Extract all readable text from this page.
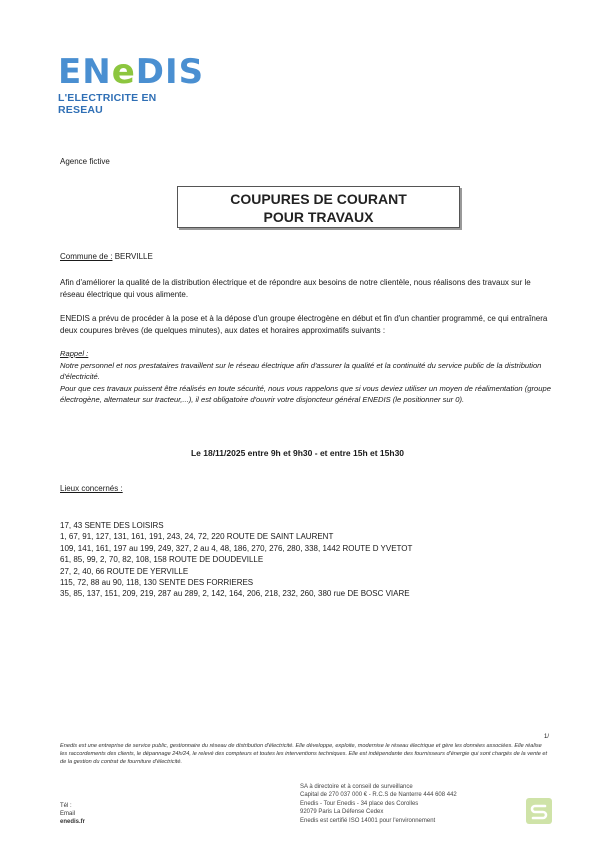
ENeDIS
L'ELECTRICITE EN RESEAU
Agence fictive
COUPURES DE COURANT
POUR TRAVAUX
Commune de : BERVILLE
Afin d'améliorer la qualité de la distribution électrique et de répondre aux besoins de notre clientèle, nous réalisons des travaux sur le réseau électrique qui vous alimente.
ENEDIS a prévu de procéder à la pose et à la dépose d'un groupe électrogène en début et fin d'un chantier programmé, ce qui entraînera deux coupures brèves (de quelques minutes), aux dates et horaires approximatifs suivants :
Rappel :
Notre personnel et nos prestataires travaillent sur le réseau électrique afin d'assurer la qualité et la continuité du service public de la distribution d'électricité.
Pour que ces travaux puissent être réalisés en toute sécurité, nous vous rappelons que si vous deviez utiliser un moyen de réalimentation (groupe électrogène, alternateur sur tracteur,...), il est obligatoire d'ouvrir votre disjoncteur général ENEDIS (le positionner sur 0).
Le 18/11/2025 entre 9h et 9h30 - et entre 15h et 15h30
Lieux concernés :
17, 43 SENTE DES LOISIRS
1, 67, 91, 127, 131, 161, 191, 243, 24, 72, 220 ROUTE DE SAINT LAURENT
109, 141, 161, 197 au 199, 249, 327, 2 au 4, 48, 186, 270, 276, 280, 338, 1442 ROUTE D YVETOT
61, 85, 99, 2, 70, 82, 108, 158 ROUTE DE DOUDEVILLE
27, 2, 40, 66 ROUTE DE YERVILLE
115, 72, 88 au 90, 118, 130 SENTE DES FORRIERES
35, 85, 137, 151, 209, 219, 287 au 289, 2, 142, 164, 206, 218, 232, 260, 380 rue DE BOSC VIARE
1/
Enedis est une entreprise de service public, gestionnaire du réseau de distribution d'électricité. Elle développe, exploite, modernise le réseau électrique et gère les données associées. Elle réalise les raccordements des clients, le dépannage 24h/24, le relevé des compteurs et toutes les interventions techniques. Elle est indépendante des fournisseurs d'énergie qui sont chargés de la vente et de la gestion du contrat de fourniture d'électricité.
Tél :
Email
enedis.fr
SA à directoire et à conseil de surveillance
Capital de 270 037 000 € - R.C.S de Nanterre 444 608 442
Enedis - Tour Enedis - 34 place des Corolles
92079 Paris La Défense Cedex
Enedis est certifié ISO 14001 pour l'environnement
